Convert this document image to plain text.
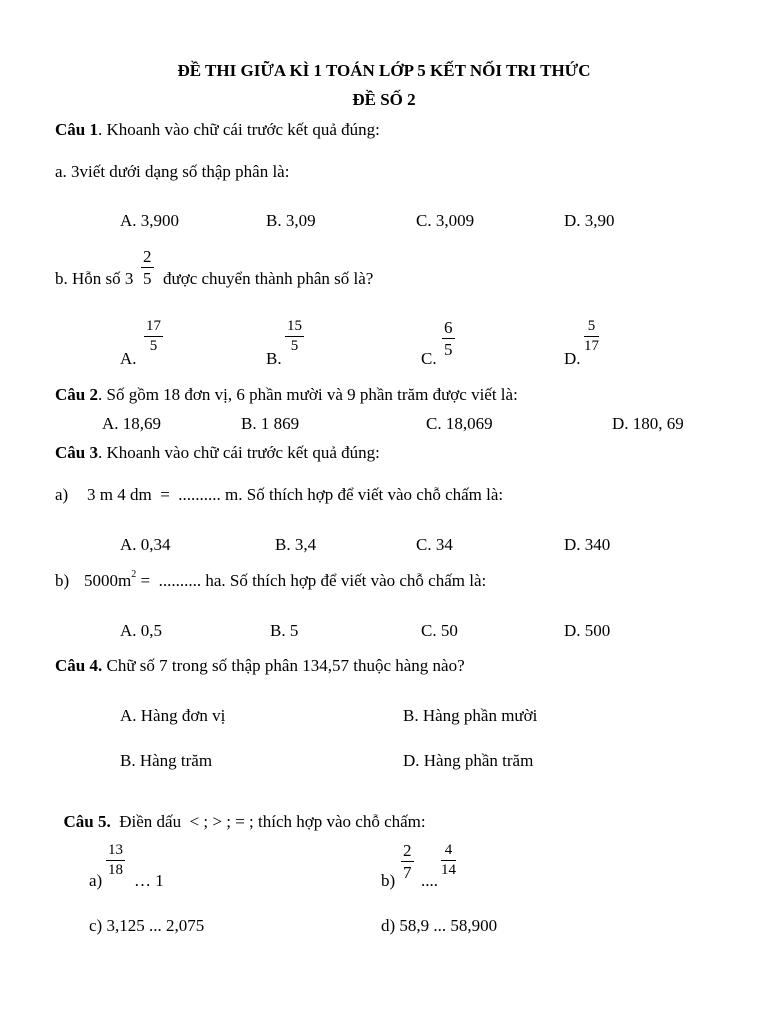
ĐỀ THI GIỮA KÌ 1 TOÁN LỚP 5 KẾT NỐI TRI THỨC
ĐỀ SỐ 2
Câu 1. Khoanh vào chữ cái trước kết quả đúng:
a. 3viết dưới dạng số thập phân là:
A. 3,900	B. 3,09	C. 3,009	D. 3,90
b. Hỗn số $3 \frac{2}{5}$ được chuyển thành phân số là?
A.
$\frac{17}{5}$
B.
$\frac{15}{5}$
C.
$\frac{6}{5}$
D.
$\frac{5}{17}$
Câu 2. Số gồm 18 đơn vị, 6 phần mười và 9 phần trăm được viết là:
A. 18,69	B. 1 869	C. 18,069	D. 180, 69
Câu 3. Khoanh vào chữ cái trước kết quả đúng:
a) 3 m 4 dm  =  .......... m. Số thích hợp để viết vào chỗ chấm là:
A. 0,34	B. 3,4	C. 34	D. 340
b) $5000m^2$ =  .......... ha. Số thích hợp để viết vào chỗ chấm là:
A. 0,5	B. 5	C. 50	D. 500
Câu 4. Chữ số 7 trong số thập phân 134,57 thuộc hàng nào?
A. Hàng đơn vị	B. Hàng phần mười
B. Hàng trăm	D. Hàng phần trăm

Câu 5.  Điền dấu  < ; > ; = ; thích hợp vào chỗ chấm:

a)
$\frac{13}{18}$
… 1	$b) \frac{2}{7}$ ....
$\frac{4}{14}$
c) 3,125 ... 2,075	d) 58,9 ... 58,900
